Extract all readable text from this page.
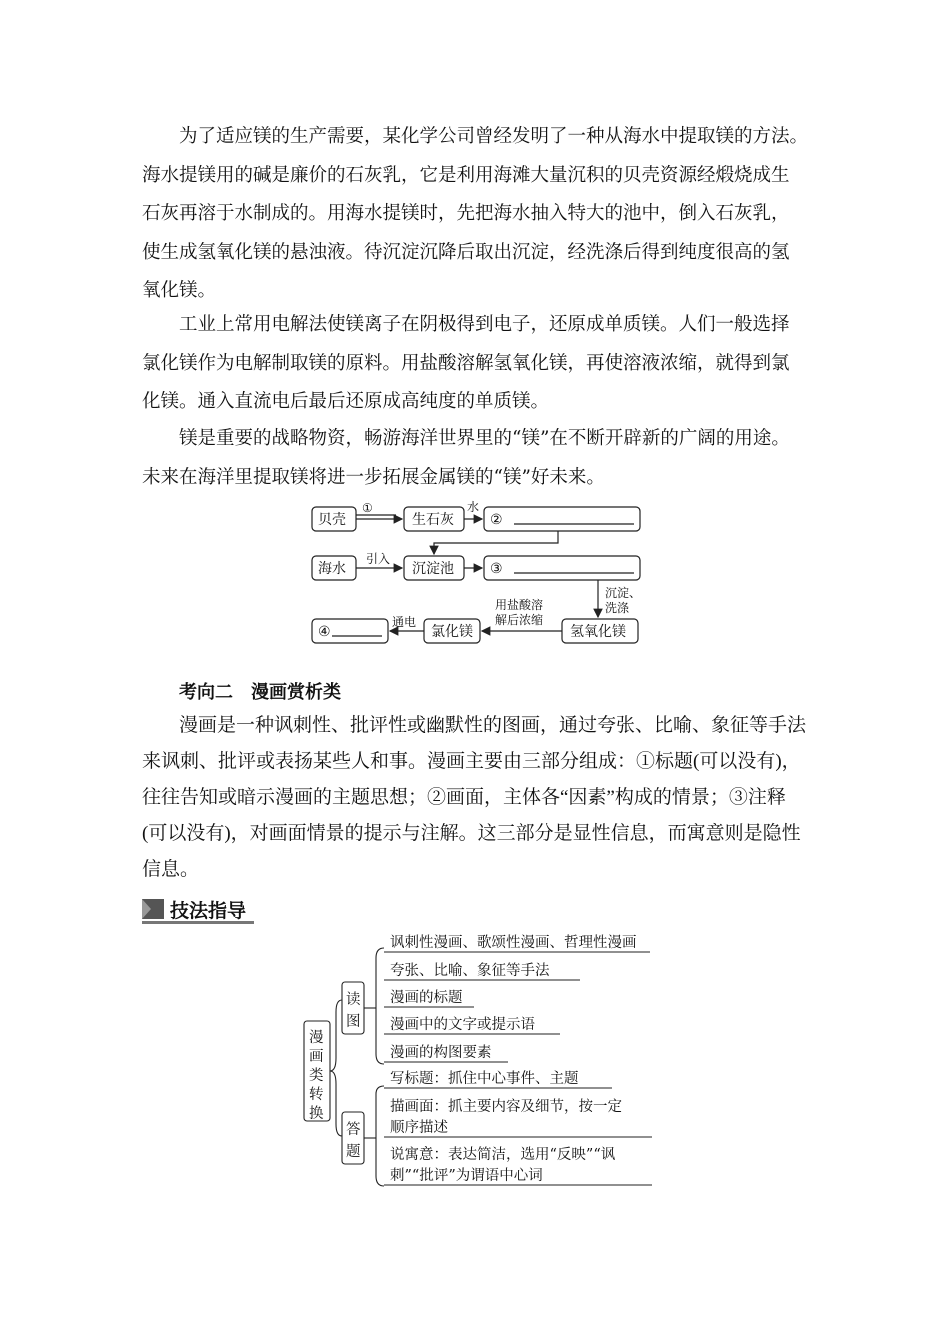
为了适应镁的生产需要，某化学公司曾经发明了一种从海水中提取镁的方法。
海水提镁用的碱是廉价的石灰乳，它是利用海滩大量沉积的贝壳资源经煅烧成生
石灰再溶于水制成的。用海水提镁时，先把海水抽入特大的池中，倒入石灰乳，
使生成氢氧化镁的悬浊液。待沉淀沉降后取出沉淀，经洗涤后得到纯度很高的氢
氧化镁。
工业上常用电解法使镁离子在阴极得到电子，还原成单质镁。人们一般选择
氯化镁作为电解制取镁的原料。用盐酸溶解氢氧化镁，再使溶液浓缩，就得到氯
化镁。通入直流电后最后还原成高纯度的单质镁。
镁是重要的战略物资，畅游海洋世界里的“镁”在不断开辟新的广阔的用途。
未来在海洋里提取镁将进一步拓展金属镁的“镁”好未来。
贝壳
①
生石灰
水
②
海水
引入
沉淀池	③
沉淀、
洗涤
用盐酸溶
解后浓缩
氢氧化镁
氯化镁
通电
④
考向二　漫画赏析类
漫画是一种讽刺性、批评性或幽默性的图画，通过夸张、比喻、象征等手法
来讽刺、批评或表扬某些人和事。漫画主要由三部分组成：①标题(可以没有)，
往往告知或暗示漫画的主题思想；②画面，主体各“因素”构成的情景；③注释
(可以没有)，对画面情景的提示与注解。这三部分是显性信息，而寓意则是隐性
信息。
技法指导
漫
画
类
转
换
读
图
答
题
讽刺性漫画、歌颂性漫画、哲理性漫画
夸张、比喻、象征等手法
漫画的标题
漫画中的文字或提示语
漫画的构图要素
写标题：抓住中心事件、主题
描画面：抓主要内容及细节，按一定
顺序描述
说寓意：表达简洁，选用“反映”“讽
刺”“批评”为谓语中心词
